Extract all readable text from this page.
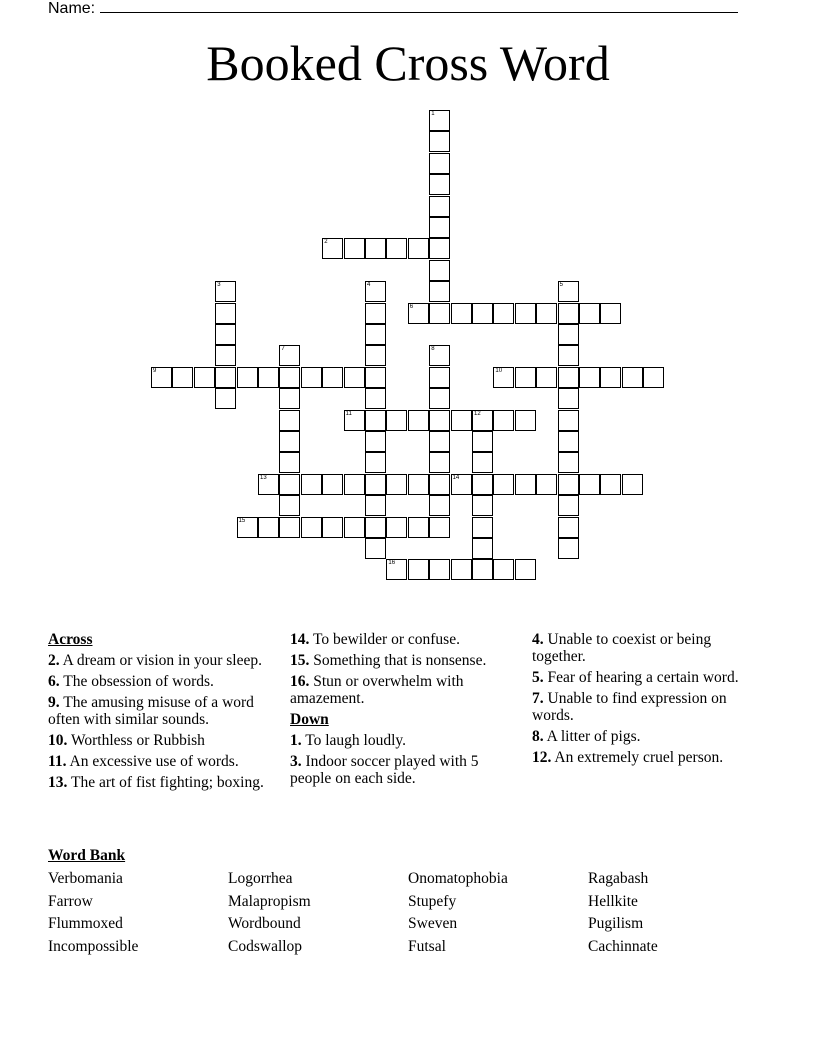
Name:
Booked Cross Word
1
2
3	4	5
6
7	8
9	10
11	12
13	14
15
16
Across
2. A dream or vision in your sleep.
6. The obsession of words.
9. The amusing misuse of a word often with similar sounds.
10. Worthless or Rubbish
11. An excessive use of words.
13. The art of fist fighting; boxing.
14. To bewilder or confuse.
15. Something that is nonsense.
16. Stun or overwhelm with amazement.
Down
1. To laugh loudly.
3. Indoor soccer played with 5 people on each side.
4. Unable to coexist or being together.
5. Fear of hearing a certain word.
7. Unable to find expression on words.
8. A litter of pigs.
12. An extremely cruel person.
Word Bank
Verbomania	Logorrhea	Onomatophobia	Ragabash
Farrow	Malapropism	Stupefy	Hellkite
Flummoxed	Wordbound	Sweven	Pugilism
Incompossible	Codswallop	Futsal	Cachinnate
